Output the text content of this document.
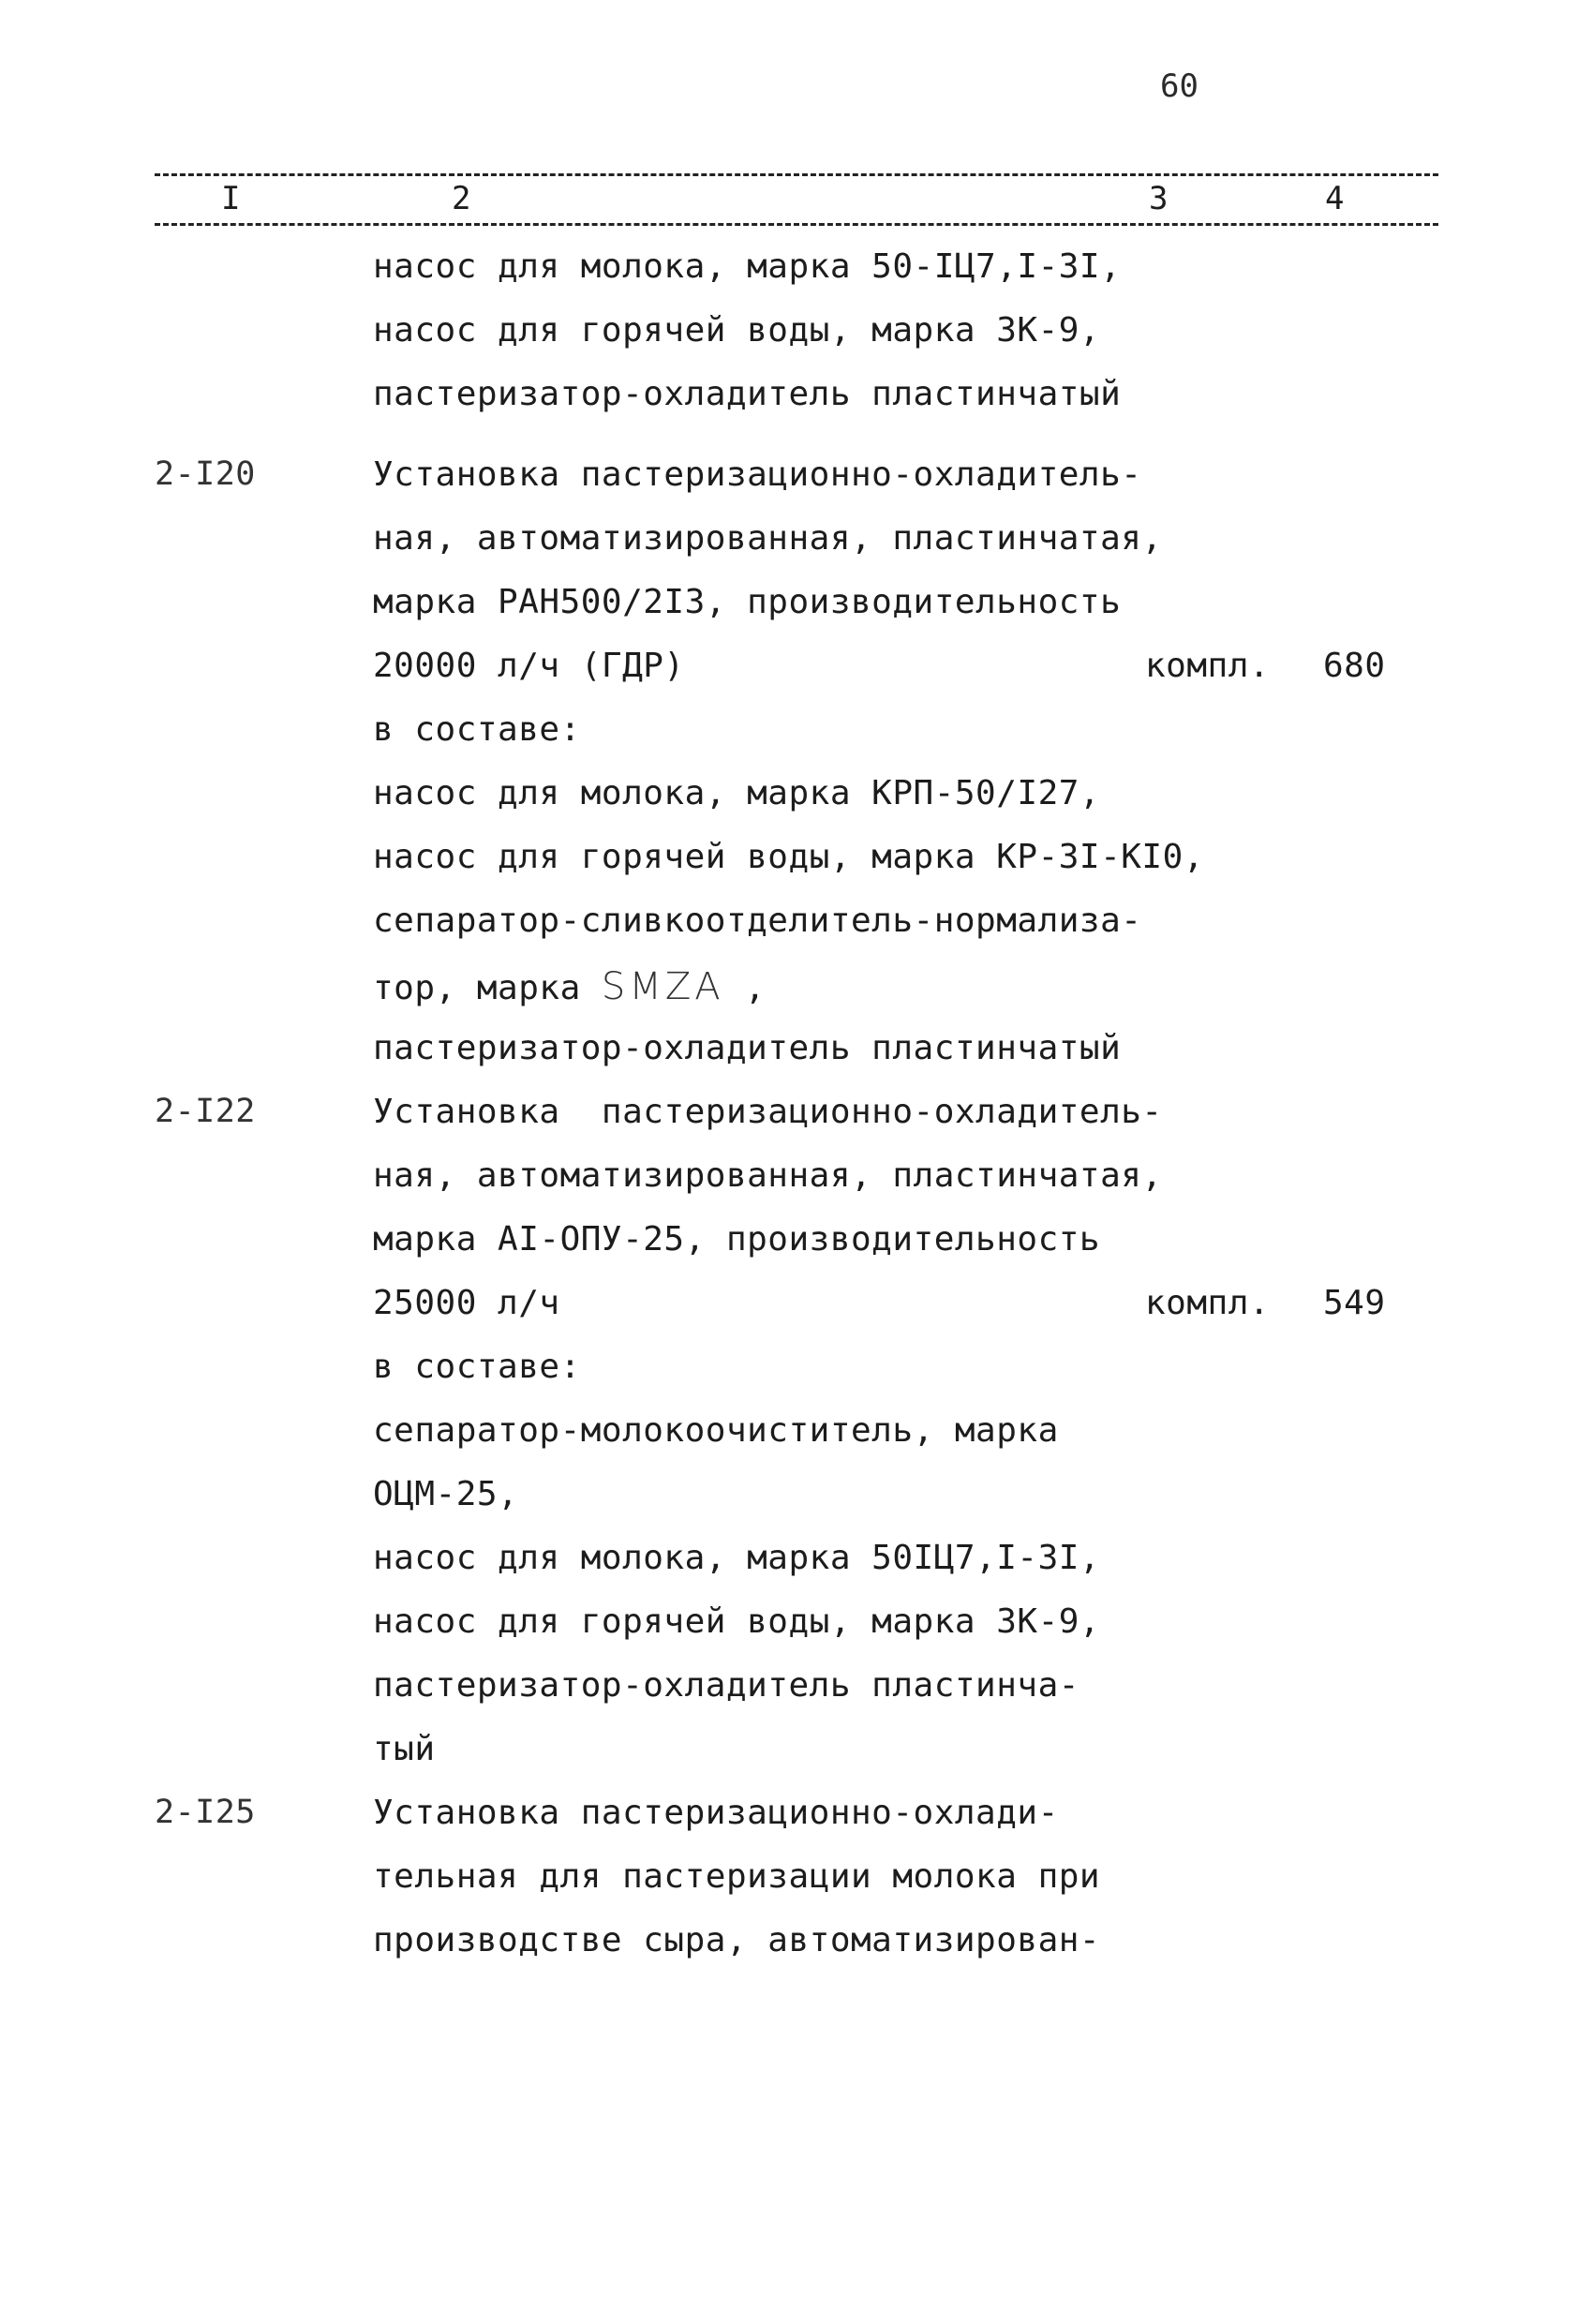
60
I	2	3	4
насос для молока, марка 50-IЦ7,I-3I,
насос для горячей воды, марка 3К-9,
пастеризатор-охладитель пластинчатый
2-I20	Установка пастеризационно-охладитель-
ная, автоматизированная, пластинчатая,
марка РАН500/2I3, производительность
20000 л/ч (ГДР)	компл. 680
в составе:
насос для молока, марка КРП-50/I27,
насос для горячей воды, марка КР-3I-КI0,
сепаратор-сливкоотделитель-нормализа-
тор, марка SMZA ,
пастеризатор-охладитель пластинчатый
2-I22	Установка  пастеризационно-охладитель-
ная, автоматизированная, пластинчатая,
марка АI-ОПУ-25, производительность
25000 л/ч	компл. 549
в составе:
сепаратор-молокоочиститель, марка
ОЦМ-25,
насос для молока, марка 50IЦ7,I-3I,
насос для горячей воды, марка 3К-9,
пастеризатор-охладитель пластинча-
тый
2-I25	Установка пастеризационно-охлади-
тельная для пастеризации молока при
производстве сыра, автоматизирован-
